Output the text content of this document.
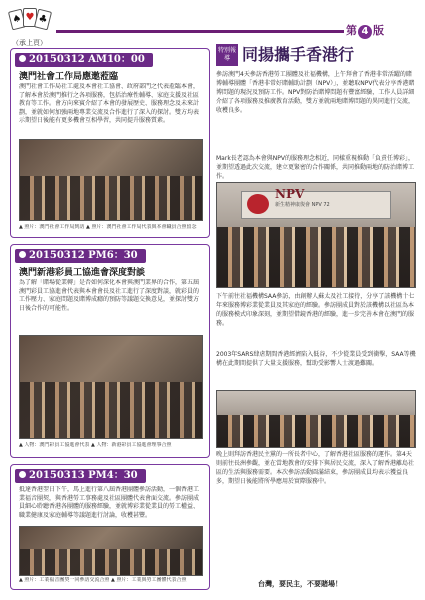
♠ ♥ ♣
第 4 版
（承上頁）
20150312 AM10：00
澳門社會工作局應邀蒞臨
澳門社會工作局社工處及本會社工協會、政府部門之代表蒞臨本會，了解本會於澳門推行之各項服務，包括治療性輔導、家庭支援及社區教育等工作。會方向來賓介紹了本會的發展歷史、服務理念及未來計劃，並就如何加強兩地專業交流及合作進行了深入的探討。雙方均表示期望日後能有更多機會互相學習，共同提升服務質素。
▲ 照片：澳門社會工作局到訪 ▲ 照片：澳門社會工作局代表與本會職員合照留念
20150312 PM6：30
澳門新港彩員工協進會深度對談
為了解「賭場從業轉」是否如何深化本會與澳門業界的合作，第五屆澳門彩員工協進會代表與本會會長及社工進行了深度對談，就彩員的工作壓力、家庭問題及賭博成癮的預防等議題交換意見，並探討雙方日後合作的可能性。
▲ 人物：澳門彩員工協進會代表 ▲ 人物：新港彩員工協進會理事合照
20150313 PM4：30
抵達香港翌日下午，馬上進行第八屆香港團體參訪活動，一個香港工業福音團契，與香港勞工事務處及社區團體代表會面交流。參訪團成員細心聆聽香港各團體的服務經驗，並就博彩業從業員的勞工權益、職業健康及家庭輔導等議題進行討論，收穫甚豐。
▲ 照片：工業福音團契一同參訪交流合照 ▲ 照片：工業與勞工團體代表合照
特別報導 同揚攜手香港行
參訪澳門4天參訪香港勞工團體及社福機構，上午拜會了香港非常活躍的賭博輔導團體「香港非常好賭輔助計劃（NPV）」，並聽取NPV代表分享香港賭博問題的現況及預防工作。NPV對防治賭博問題有豐富經驗，工作人員詳細介紹了各項服務及推廣教育活動，雙方並就兩地賭博問題的異同進行交流，收穫良多。
Mark長老認為本會與NPV的服務理念相近，同樣重視推動「負責任博彩」，並期望透過此次交流，建立更緊密的合作關係，共同推動兩地的防治賭博工作。
NPV
新生精神康復會 NPV 72
下午前往社福機構SAA參訪，由創辦人蘇太及社工接待，分享了該機構十七年來服務博彩業從業員及其家庭的經驗。參訪團成員對於該機構以社區為本的服務模式印象深刻，並期望借鏡香港的經驗，進一步完善本會在澳門的服務。
2003年SARS肆虐期間香港經濟陷入低谷，不少從業員受到衝擊，SAA等機構在此期間提供了大量支援服務，幫助受影響人士渡過難關。
晚上則拜訪香港民主黨的一所長者中心，了解香港社區服務的運作。第4天則前往長洲參觀，並在當地教會的安排下與居民交流，深入了解香港離島社區的生活與服務需要。本次參訪活動圓滿結束，參訪團成員均表示獲益良多，期望日後能將所學應用於實際服務中。
台灣，要民主，不要賭場！
